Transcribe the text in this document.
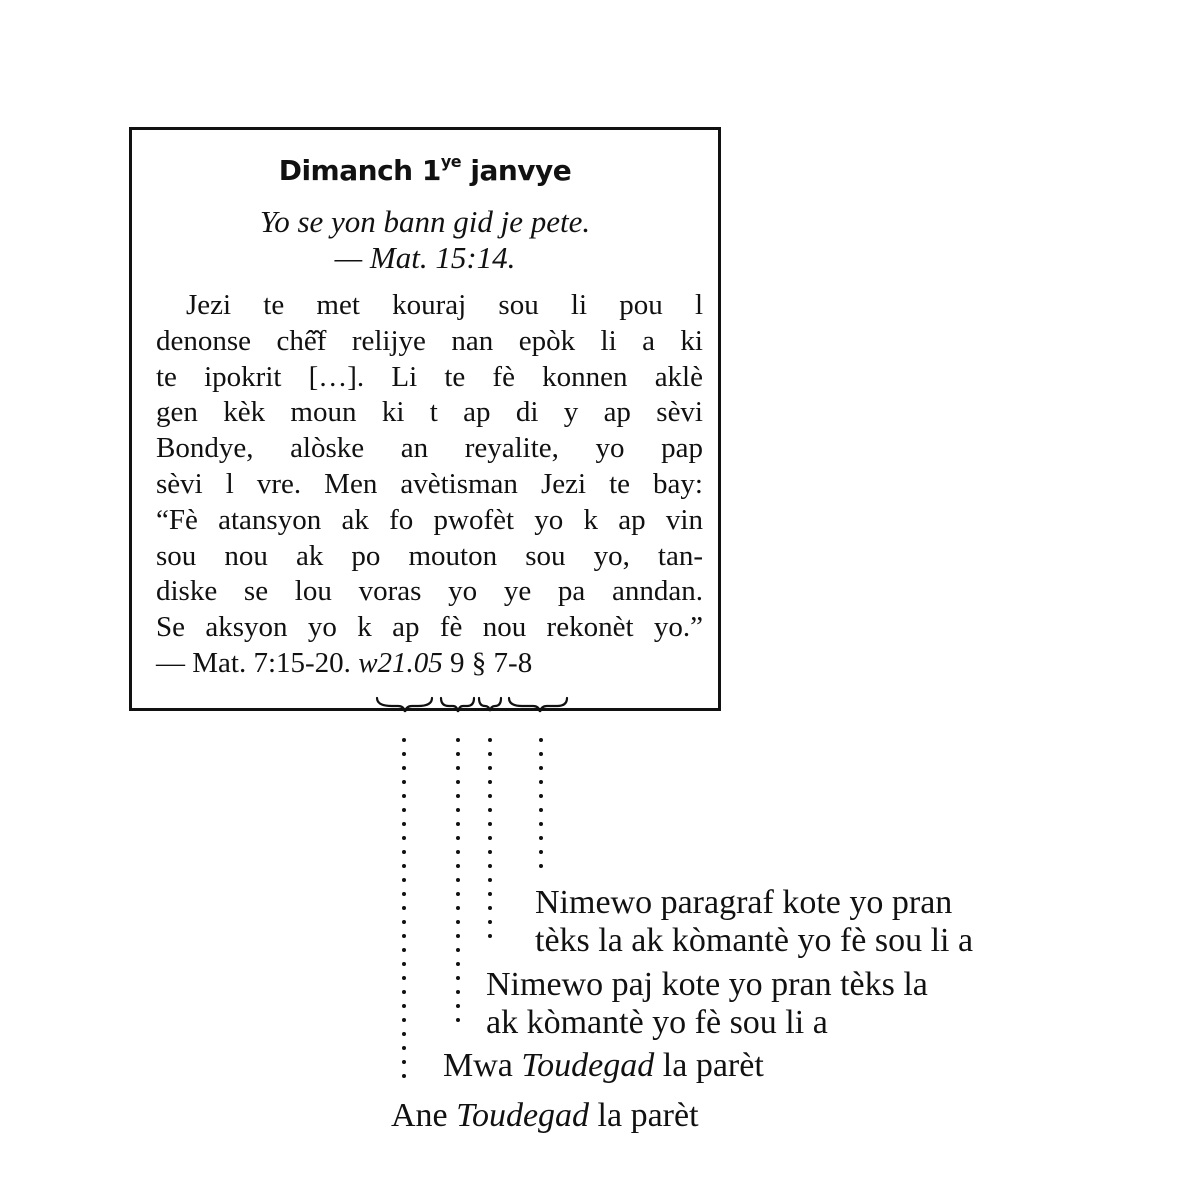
Dimanch $1^{ye}$ janvye
Yo se yon bann gid je pete.
— Mat. 15:14.
Jezi te met kouraj sou li pou l
denonse chê̂f relijye nan epòk li a ki
te ipokrit […]. Li te fè konnen aklè
gen kèk moun ki t ap di y ap sèvi
Bondye, alòske an reyalite, yo pap
sèvi l vre. Men avètisman Jezi te bay:
“Fè atansyon ak fo pwofèt yo k ap vin
sou nou ak po mouton sou yo, tan-
diske se lou voras yo ye pa anndan.
Se aksyon yo k ap fè nou rekonèt yo.”
— Mat. 7:15-20. w21.05 9 § 7-8
Nimewo paragraf kote yo pran
tèks la ak kòmantè yo fè sou li a
Nimewo paj kote yo pran tèks la
ak kòmantè yo fè sou li a
Mwa Toudegad la parèt
Ane Toudegad la parèt
